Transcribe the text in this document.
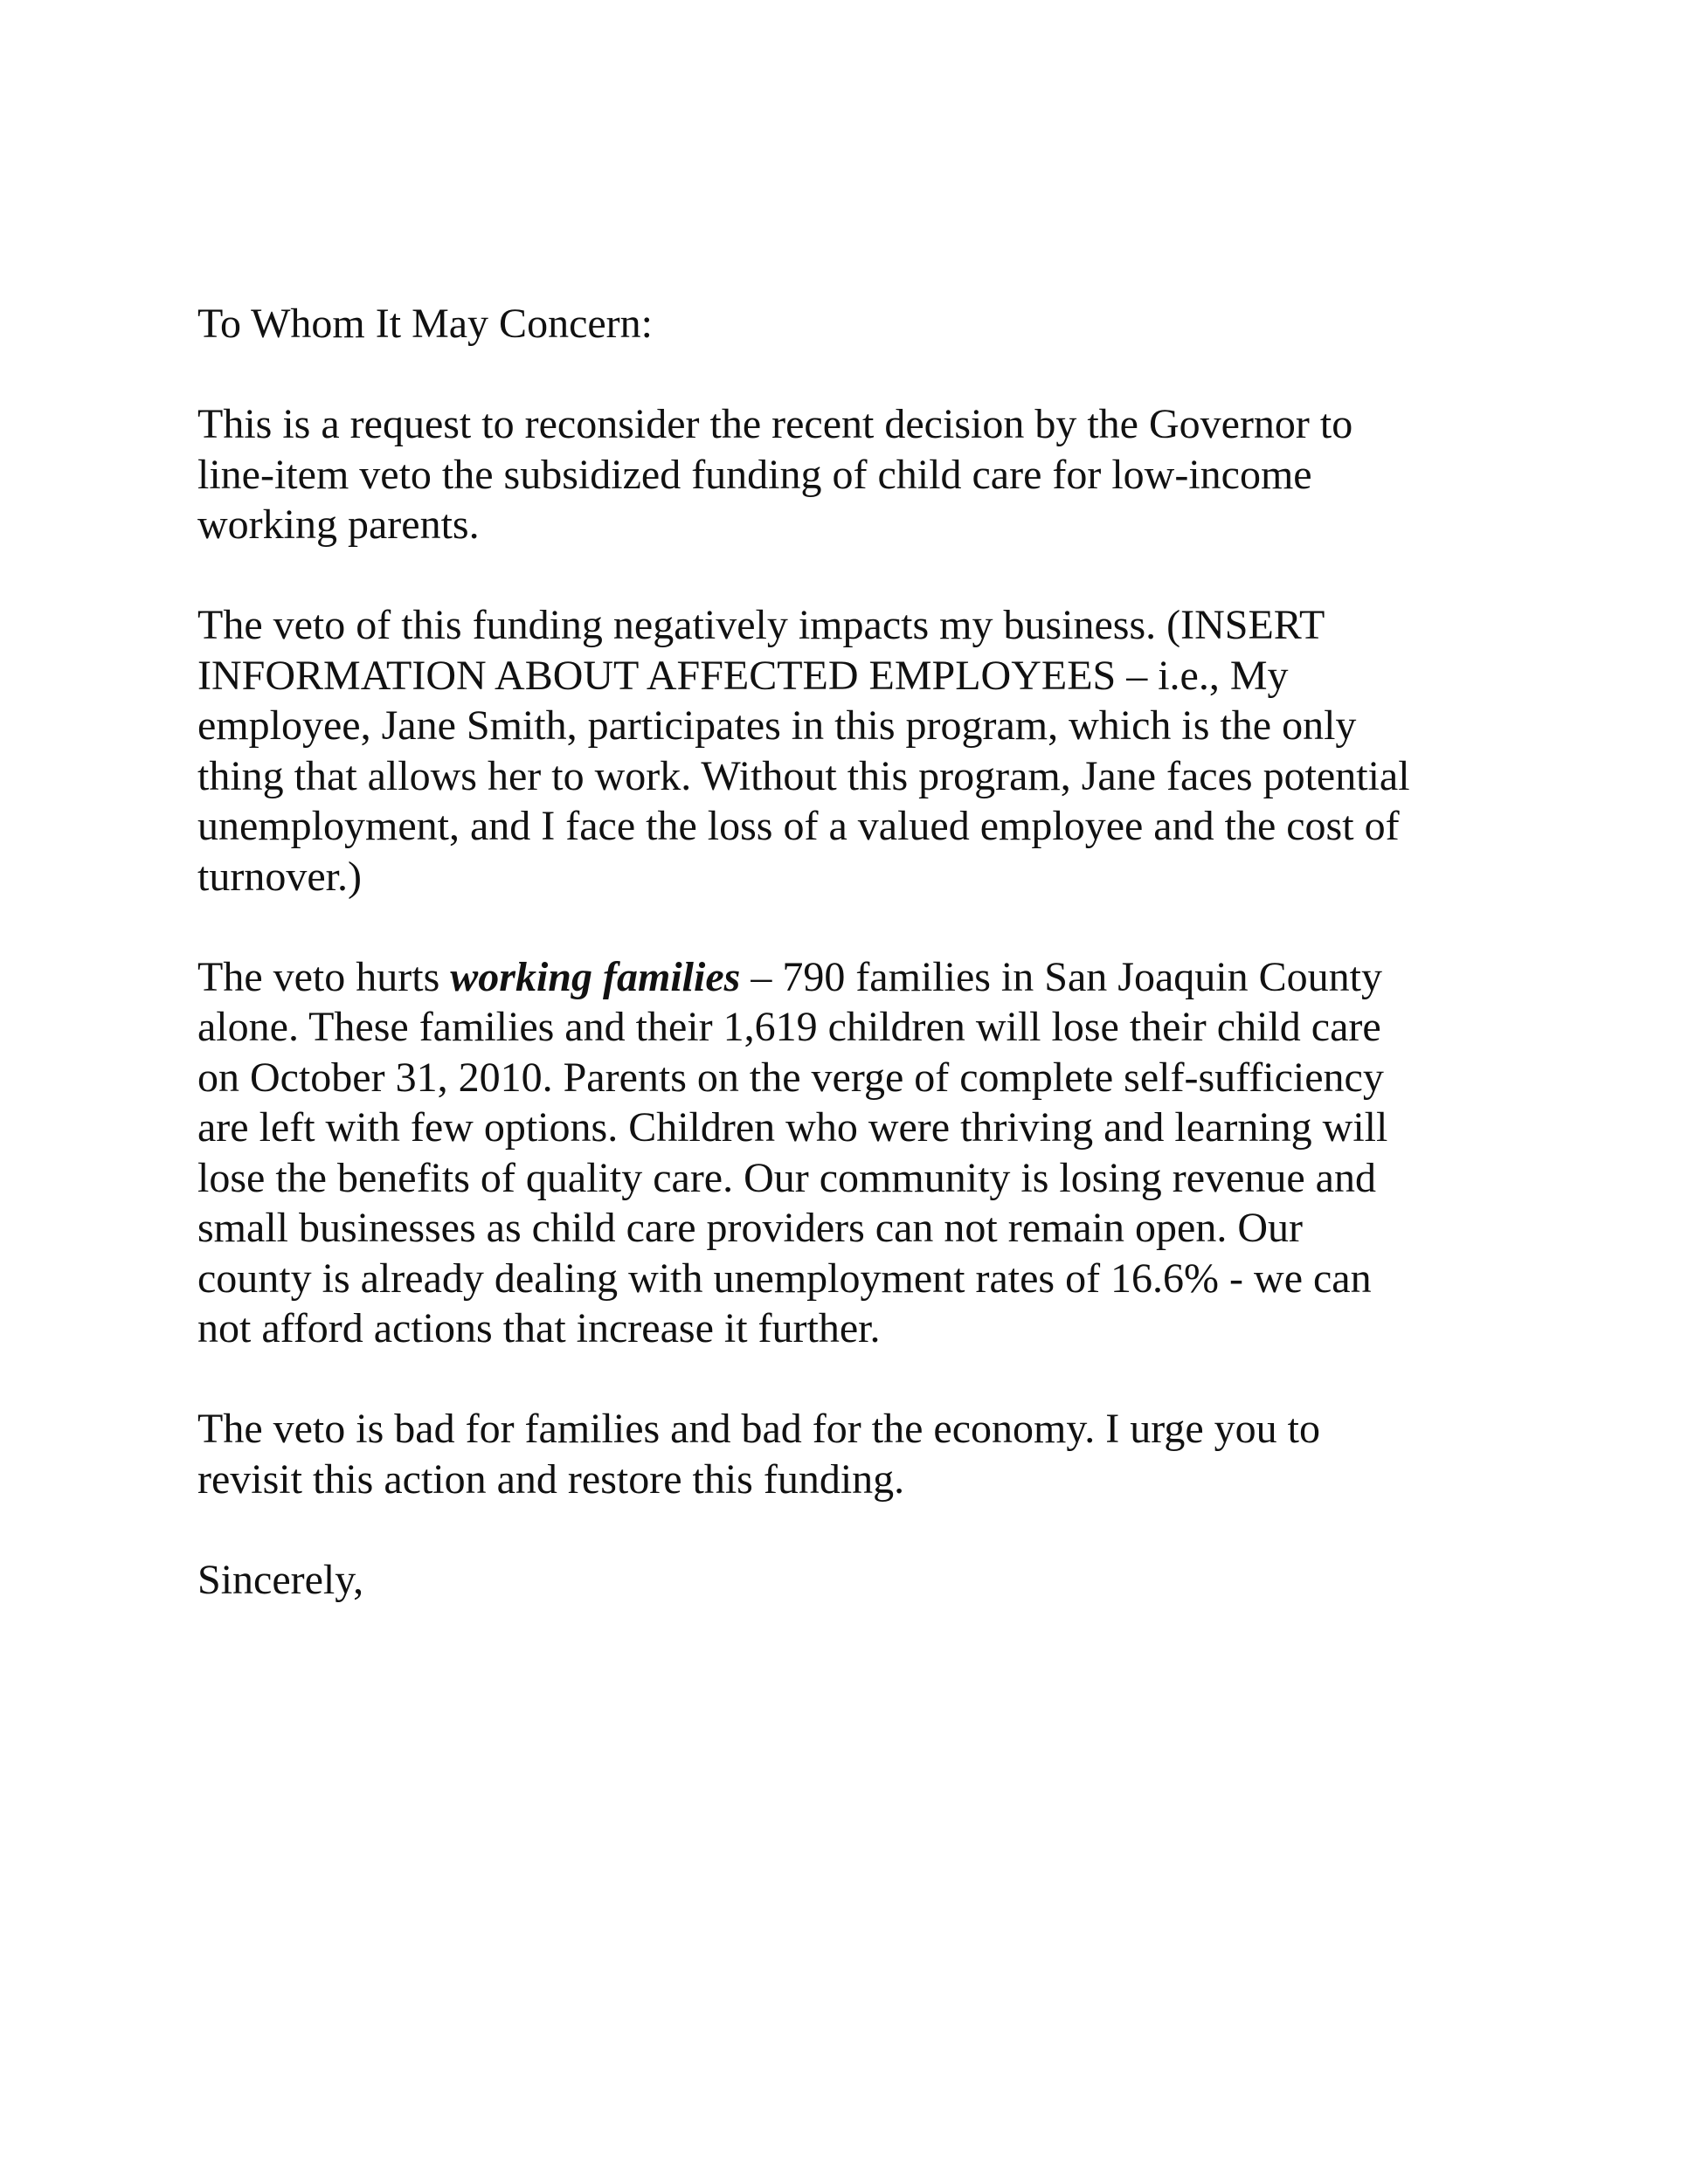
To Whom It May Concern:

This is a request to reconsider the recent decision by the Governor to
line-item veto the subsidized funding of child care for low-income
working parents.

The veto of this funding negatively impacts my business. (INSERT
INFORMATION ABOUT AFFECTED EMPLOYEES – i.e., My
employee, Jane Smith, participates in this program, which is the only
thing that allows her to work. Without this program, Jane faces potential
unemployment, and I face the loss of a valued employee and the cost of
turnover.)

The veto hurts working families – 790 families in San Joaquin County
alone. These families and their 1,619 children will lose their child care
on October 31, 2010. Parents on the verge of complete self-sufficiency
are left with few options. Children who were thriving and learning will
lose the benefits of quality care. Our community is losing revenue and
small businesses as child care providers can not remain open. Our
county is already dealing with unemployment rates of 16.6% - we can
not afford actions that increase it further.

The veto is bad for families and bad for the economy. I urge you to
revisit this action and restore this funding.

Sincerely,
